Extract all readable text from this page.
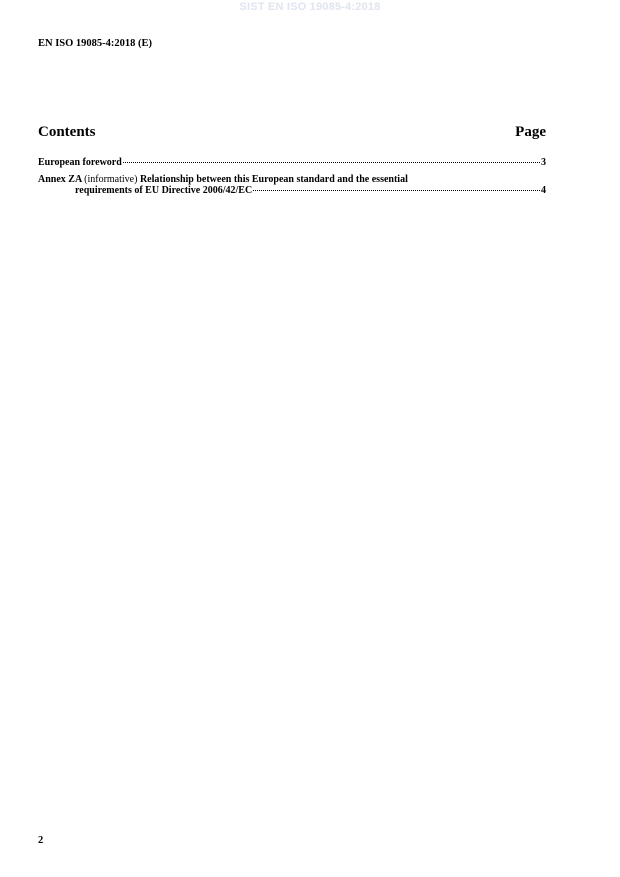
SIST EN ISO 19085-4:2018
EN ISO 19085-4:2018 (E)
Contents	Page
European foreword	3
Annex ZA (informative) Relationship between this European standard and the essential
requirements of EU Directive 2006/42/EC	4
2
